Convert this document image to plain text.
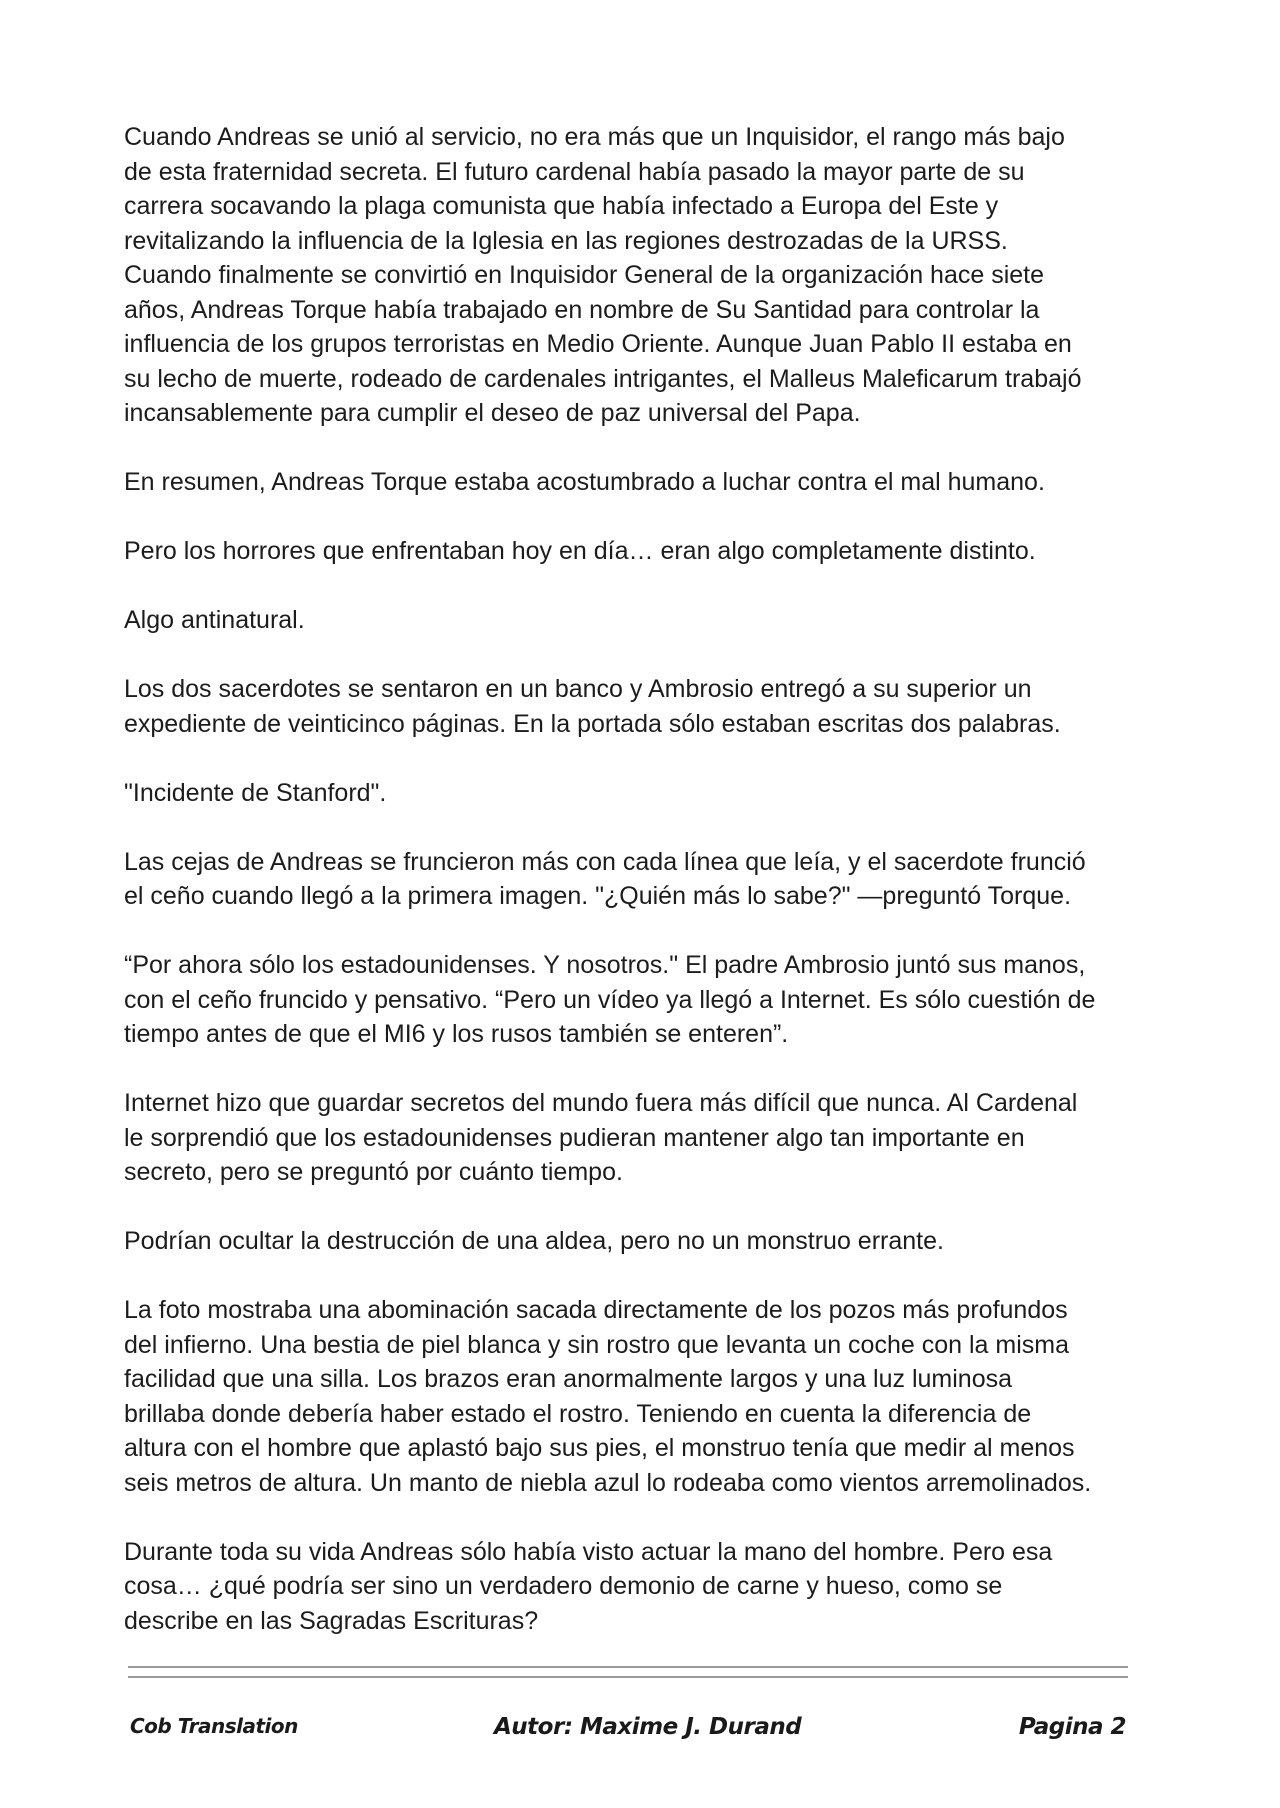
Cuando Andreas se unió al servicio, no era más que un Inquisidor, el rango más bajo
de esta fraternidad secreta. El futuro cardenal había pasado la mayor parte de su
carrera socavando la plaga comunista que había infectado a Europa del Este y
revitalizando la influencia de la Iglesia en las regiones destrozadas de la URSS.
Cuando finalmente se convirtió en Inquisidor General de la organización hace siete
años, Andreas Torque había trabajado en nombre de Su Santidad para controlar la
influencia de los grupos terroristas en Medio Oriente. Aunque Juan Pablo II estaba en
su lecho de muerte, rodeado de cardenales intrigantes, el Malleus Maleficarum trabajó
incansablemente para cumplir el deseo de paz universal del Papa.

En resumen, Andreas Torque estaba acostumbrado a luchar contra el mal humano.

Pero los horrores que enfrentaban hoy en día… eran algo completamente distinto.

Algo antinatural.

Los dos sacerdotes se sentaron en un banco y Ambrosio entregó a su superior un
expediente de veinticinco páginas. En la portada sólo estaban escritas dos palabras.

"Incidente de Stanford".

Las cejas de Andreas se fruncieron más con cada línea que leía, y el sacerdote frunció
el ceño cuando llegó a la primera imagen. "¿Quién más lo sabe?" —preguntó Torque.

“Por ahora sólo los estadounidenses. Y nosotros." El padre Ambrosio juntó sus manos,
con el ceño fruncido y pensativo. “Pero un vídeo ya llegó a Internet. Es sólo cuestión de
tiempo antes de que el MI6 y los rusos también se enteren”.

Internet hizo que guardar secretos del mundo fuera más difícil que nunca. Al Cardenal
le sorprendió que los estadounidenses pudieran mantener algo tan importante en
secreto, pero se preguntó por cuánto tiempo.

Podrían ocultar la destrucción de una aldea, pero no un monstruo errante.

La foto mostraba una abominación sacada directamente de los pozos más profundos
del infierno. Una bestia de piel blanca y sin rostro que levanta un coche con la misma
facilidad que una silla. Los brazos eran anormalmente largos y una luz luminosa
brillaba donde debería haber estado el rostro. Teniendo en cuenta la diferencia de
altura con el hombre que aplastó bajo sus pies, el monstruo tenía que medir al menos
seis metros de altura. Un manto de niebla azul lo rodeaba como vientos arremolinados.

Durante toda su vida Andreas sólo había visto actuar la mano del hombre. Pero esa
cosa… ¿qué podría ser sino un verdadero demonio de carne y hueso, como se
describe en las Sagradas Escrituras?

Cob Translation	Autor: Maxime J. Durand	Pagina 2
